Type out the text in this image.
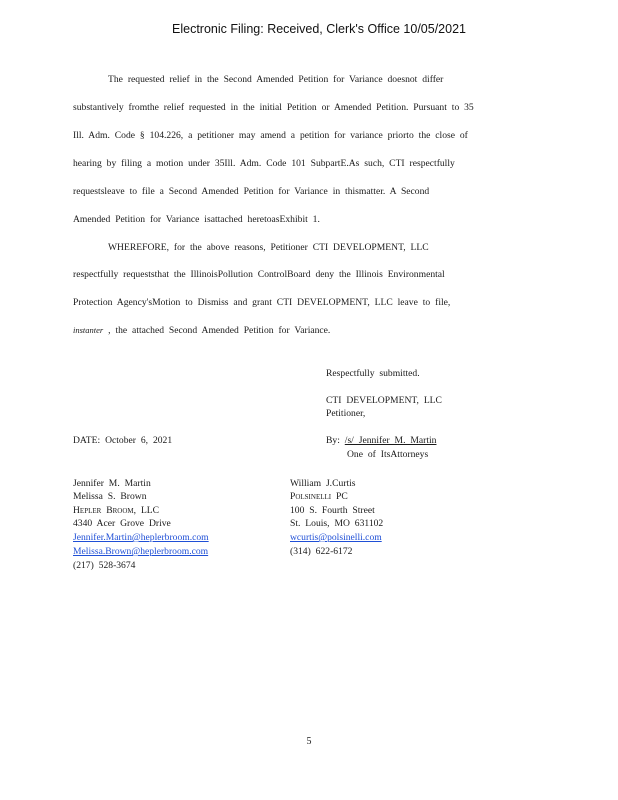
Electronic Filing: Received, Clerk's Office 10/05/2021
The requested relief in the Second Amended Petition for Variance doesnot differ
substantively fromthe relief requested in the initial Petition or Amended Petition. Pursuant to 35
Ill. Adm. Code § 104.226, a petitioner may amend a petition for variance priorto the close of
hearing by filing a motion under 35Ill. Adm. Code 101 SubpartE.As such, CTI respectfully
requestsleave to file a Second Amended Petition for Variance in thismatter. A Second
Amended Petition for Variance isattached heretoasExhibit 1.
WHEREFORE, for the above reasons, Petitioner CTI DEVELOPMENT, LLC
respectfully requeststhat the IllinoisPollution ControlBoard deny the Illinois Environmental
Protection Agency'sMotion to Dismiss and grant CTI DEVELOPMENT, LLC leave to file,
instanter , the attached Second Amended Petition for Variance.
Respectfully submitted.
CTI DEVELOPMENT, LLC
Petitioner,
DATE: October 6, 2021	By: /s/ Jennifer M. Martin
One of ItsAttorneys
Jennifer M. Martin
Melissa S. Brown
Hepler Broom, LLC
4340 Acer Grove Drive
Jennifer.Martin@heplerbroom.com
Melissa.Brown@heplerbroom.com
(217) 528-3674
William J.Curtis
Polsinelli PC
100 S. Fourth Street
St. Louis, MO 631102
wcurtis@polsinelli.com
(314) 622-6172
5
